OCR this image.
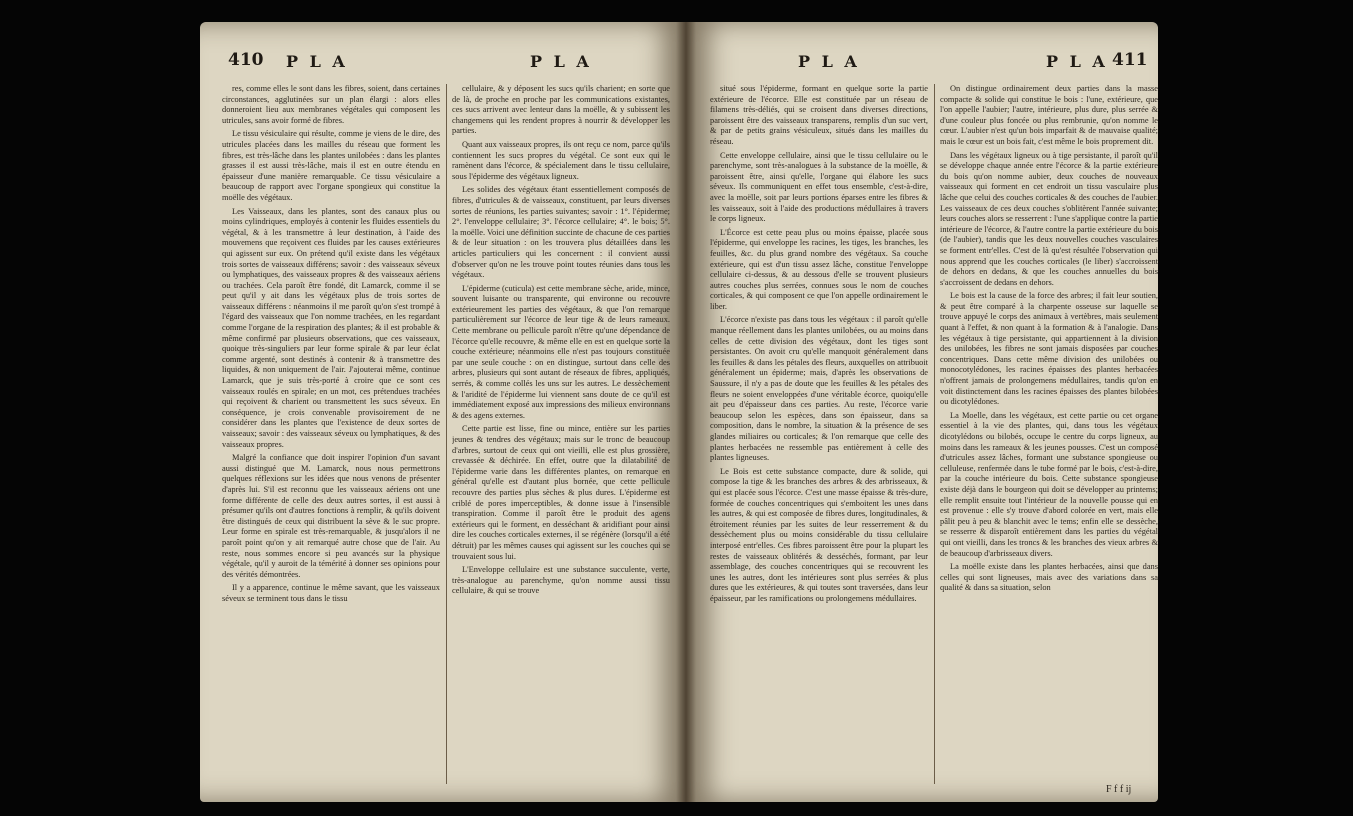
410 P L A	P L A

res, comme elles le sont dans les fibres, soient, dans certaines circonstances, agglutinées sur un plan élargi : alors elles donneroient lieu aux membranes végétales qui composent les utricules, sans avoir formé de fibres.

Le tissu vésiculaire qui résulte, comme je viens de le dire, des utricules placées dans les mailles du réseau que forment les fibres, est très-lâche dans les plantes unilobées : dans les plantes grasses il est aussi très-lâche, mais il est en outre étendu en épaisseur d'une manière remarquable. Ce tissu vésiculaire a beaucoup de rapport avec l'organe spongieux qui constitue la moëlle des végétaux.

Les Vaisseaux, dans les plantes, sont des canaux plus ou moins cylindriques, employés à contenir les fluides essentiels du végétal, & à les transmettre à leur destination, à l'aide des mouvemens que reçoivent ces fluides par les causes extérieures qui agissent sur eux. On prétend qu'il existe dans les végétaux trois sortes de vaisseaux différens; savoir : des vaisseaux séveux ou lymphatiques, des vaisseaux propres & des vaisseaux aériens ou trachées. Cela paroît être fondé, dit Lamarck, comme il se peut qu'il y ait dans les végétaux plus de trois sortes de vaisseaux différens : néanmoins il me paroît qu'on s'est trompé à l'égard des vaisseaux que l'on nomme trachées, en les regardant comme l'organe de la respiration des plantes; & il est probable & même confirmé par plusieurs observations, que ces vaisseaux, quoique très-singuliers par leur forme spirale & par leur éclat comme argenté, sont destinés à contenir & à transmettre des liquides, & non uniquement de l'air. J'ajouterai même, continue Lamarck, que je suis très-porté à croire que ce sont ces vaisseaux roulés en spirale; en un mot, ces prétendues trachées qui reçoivent & charient ou transmettent les sucs séveux. En conséquence, je crois convenable provisoirement de ne considérer dans les plantes que l'existence de deux sortes de vaisseaux; savoir : des vaisseaux séveux ou lymphatiques, & des vaisseaux propres.

Malgré la confiance que doit inspirer l'opinion d'un savant aussi distingué que M. Lamarck, nous nous permettrons quelques réflexions sur les idées que nous venons de présenter d'après lui. S'il est reconnu que les vaisseaux aériens ont une forme différente de celle des deux autres sortes, il est aussi à présumer qu'ils ont d'autres fonctions à remplir, & qu'ils doivent être distingués de ceux qui distribuent la sève & le suc propre. Leur forme en spirale est très-remarquable, & jusqu'alors il ne paroît point qu'on y ait remarqué autre chose que de l'air. Au reste, nous sommes encore si peu avancés sur la physique végétale, qu'il y auroit de la témérité à donner ses opinions pour des vérités démontrées.

Il y a apparence, continue le même savant, que les vaisseaux séveux se terminent tous dans le tissu

cellulaire, & y déposent les sucs qu'ils charient; en sorte que de là, de proche en proche par les communications existantes, ces sucs arrivent avec lenteur dans la moëlle, & y subissent les changemens qui les rendent propres à nourrir & développer les parties.

Quant aux vaisseaux propres, ils ont reçu ce nom, parce qu'ils contiennent les sucs propres du végétal. Ce sont eux qui le ramènent dans l'écorce, & spécialement dans le tissu cellulaire, sous l'épiderme des végétaux ligneux.

Les solides des végétaux étant essentiellement composés de fibres, d'utricules & de vaisseaux, constituent, par leurs diverses sortes de réunions, les parties suivantes; savoir : 1°. l'épiderme; 2°. l'enveloppe cellulaire; 3°. l'écorce cellulaire; 4°. le bois; 5°. la moëlle. Voici une définition succinte de chacune de ces parties & de leur situation : on les trouvera plus détaillées dans les articles particuliers qui les concernent : il convient aussi d'observer qu'on ne les trouve point toutes réunies dans tous les végétaux.

L'épiderme (cuticula) est cette membrane sèche, aride, mince, souvent luisante ou transparente, qui environne ou recouvre extérieurement les parties des végétaux, & que l'on remarque particulièrement sur l'écorce de leur tige & de leurs rameaux. Cette membrane ou pellicule paroît n'être qu'une dépendance de l'écorce qu'elle recouvre, & même elle en est en quelque sorte la couche extérieure; néanmoins elle n'est pas toujours constituée par une seule couche : on en distingue, surtout dans celle des arbres, plusieurs qui sont autant de réseaux de fibres, appliqués, serrés, & comme collés les uns sur les autres. Le dessèchement & l'aridité de l'épiderme lui viennent sans doute de ce qu'il est immédiatement exposé aux impressions des milieux environnans & des agens externes.

Cette partie est lisse, fine ou mince, entière sur les parties jeunes & tendres des végétaux; mais sur le tronc de beaucoup d'arbres, surtout de ceux qui ont vieilli, elle est plus grossière, crevassée & déchirée. En effet, outre que la dilatabilité de l'épiderme varie dans les différentes plantes, on remarque en général qu'elle est d'autant plus bornée, que cette pellicule recouvre des parties plus sèches & plus dures. L'épiderme est criblé de pores imperceptibles, & donne issue à l'insensible transpiration. Comme il paroît être le produit des agens extérieurs qui le forment, en desséchant & aridifiant pour ainsi dire les couches corticales externes, il se régénère (lorsqu'il a été détruit) par les mêmes causes qui agissent sur les couches qui se trouvaient sous lui.

L'Enveloppe cellulaire est une substance succulente, verte, très-analogue au parenchyme, qu'on nomme aussi tissu cellulaire, & qui se trouve

P L A	P L A 411

situé sous l'épiderme, formant en quelque sorte la partie extérieure de l'écorce. Elle est constituée par un réseau de filamens très-déliés, qui se croisent dans diverses directions, paroissent être des vaisseaux transparens, remplis d'un suc vert, & par de petits grains vésiculeux, situés dans les mailles du réseau.

Cette enveloppe cellulaire, ainsi que le tissu cellulaire ou le parenchyme, sont très-analogues à la substance de la moëlle, & paroissent être, ainsi qu'elle, l'organe qui élabore les sucs séveux. Ils communiquent en effet tous ensemble, c'est-à-dire, avec la moëlle, soit par leurs portions éparses entre les fibres & les vaisseaux, soit à l'aide des productions médullaires à travers le corps ligneux.

L'Écorce est cette peau plus ou moins épaisse, placée sous l'épiderme, qui enveloppe les racines, les tiges, les branches, les feuilles, &c. du plus grand nombre des végétaux. Sa couche extérieure, qui est d'un tissu assez lâche, constitue l'enveloppe cellulaire ci-dessus, & au dessous d'elle se trouvent plusieurs autres couches plus serrées, connues sous le nom de couches corticales, & qui composent ce que l'on appelle ordinairement le liber.

L'écorce n'existe pas dans tous les végétaux : il paroît qu'elle manque réellement dans les plantes unilobées, ou au moins dans celles de cette division des végétaux, dont les tiges sont persistantes. On avoit cru qu'elle manquoit généralement dans les feuilles & dans les pétales des fleurs, auxquelles on attribuoit généralement un épiderme; mais, d'après les observations de Saussure, il n'y a pas de doute que les feuilles & les pétales des fleurs ne soient enveloppées d'une véritable écorce, quoiqu'elle ait peu d'épaisseur dans ces parties. Au reste, l'écorce varie beaucoup selon les espèces, dans son épaisseur, dans sa composition, dans le nombre, la situation & la présence de ses glandes miliaires ou corticales; & l'on remarque que celle des plantes herbacées ne ressemble pas entièrement à celle des plantes ligneuses.

Le Bois est cette substance compacte, dure & solide, qui compose la tige & les branches des arbres & des arbrisseaux, & qui est placée sous l'écorce. C'est une masse épaisse & très-dure, formée de couches concentriques qui s'emboitent les unes dans les autres, & qui est composée de fibres dures, longitudinales, & étroitement réunies par les suites de leur resserrement & du dessèchement plus ou moins considérable du tissu cellulaire interposé entr'elles. Ces fibres paroissent être pour la plupart les restes de vaisseaux oblitérés & desséchés, formant, par leur assemblage, des couches concentriques qui se recouvrent les unes les autres, dont les intérieures sont plus serrées & plus dures que les extérieures, & qui toutes sont traversées, dans leur épaisseur, par les ramifications ou prolongemens médullaires.

On distingue ordinairement deux parties dans la masse compacte & solide qui constitue le bois : l'une, extérieure, que l'on appelle l'aubier; l'autre, intérieure, plus dure, plus serrée & d'une couleur plus foncée ou plus rembrunie, qu'on nomme le cœur. L'aubier n'est qu'un bois imparfait & de mauvaise qualité; mais le cœur est un bois fait, c'est même le bois proprement dit.

Dans les végétaux ligneux ou à tige persistante, il paroît qu'il se développe chaque année entre l'écorce & la partie extérieure du bois qu'on nomme aubier, deux couches de nouveaux vaisseaux qui forment en cet endroit un tissu vasculaire plus lâche que celui des couches corticales & des couches de l'aubier. Les vaisseaux de ces deux couches s'oblitèrent l'année suivante; leurs couches alors se resserrent : l'une s'applique contre la partie intérieure de l'écorce, & l'autre contre la partie extérieure du bois (de l'aubier), tandis que les deux nouvelles couches vasculaires se forment entr'elles. C'est de là qu'est résultée l'observation qui nous apprend que les couches corticales (le liber) s'accroissent de dehors en dedans, & que les couches annuelles du bois s'accroissent de dedans en dehors.

Le bois est la cause de la force des arbres; il fait leur soutien, & peut être comparé à la charpente osseuse sur laquelle se trouve appuyé le corps des animaux à vertèbres, mais seulement quant à l'effet, & non quant à la formation & à l'analogie. Dans les végétaux à tige persistante, qui appartiennent à la division des unilobées, les fibres ne sont jamais disposées par couches concentriques. Dans cette même division des unilobées ou monocotylédones, les racines épaisses des plantes herbacées n'offrent jamais de prolongemens médullaires, tandis qu'on en voit distinctement dans les racines épaisses des plantes bilobées ou dicotylédones.

La Moelle, dans les végétaux, est cette partie ou cet organe essentiel à la vie des plantes, qui, dans tous les végétaux dicotylédons ou bilobés, occupe le centre du corps ligneux, au moins dans les rameaux & les jeunes pousses. C'est un composé d'utricules assez lâches, formant une substance spongieuse ou celluleuse, renfermée dans le tube formé par le bois, c'est-à-dire, par la couche intérieure du bois. Cette substance spongieuse existe déjà dans le bourgeon qui doit se développer au printems; elle remplit ensuite tout l'intérieur de la nouvelle pousse qui en est provenue : elle s'y trouve d'abord colorée en vert, mais elle pâlit peu à peu & blanchit avec le tems; enfin elle se dessèche, se resserre & disparoît entièrement dans les parties du végétal qui ont vieilli, dans les troncs & les branches des vieux arbres & de beaucoup d'arbrisseaux divers.

La moëlle existe dans les plantes herbacées, ainsi que dans celles qui sont ligneuses, mais avec des variations dans sa qualité & dans sa situation, selon

F f f ij
